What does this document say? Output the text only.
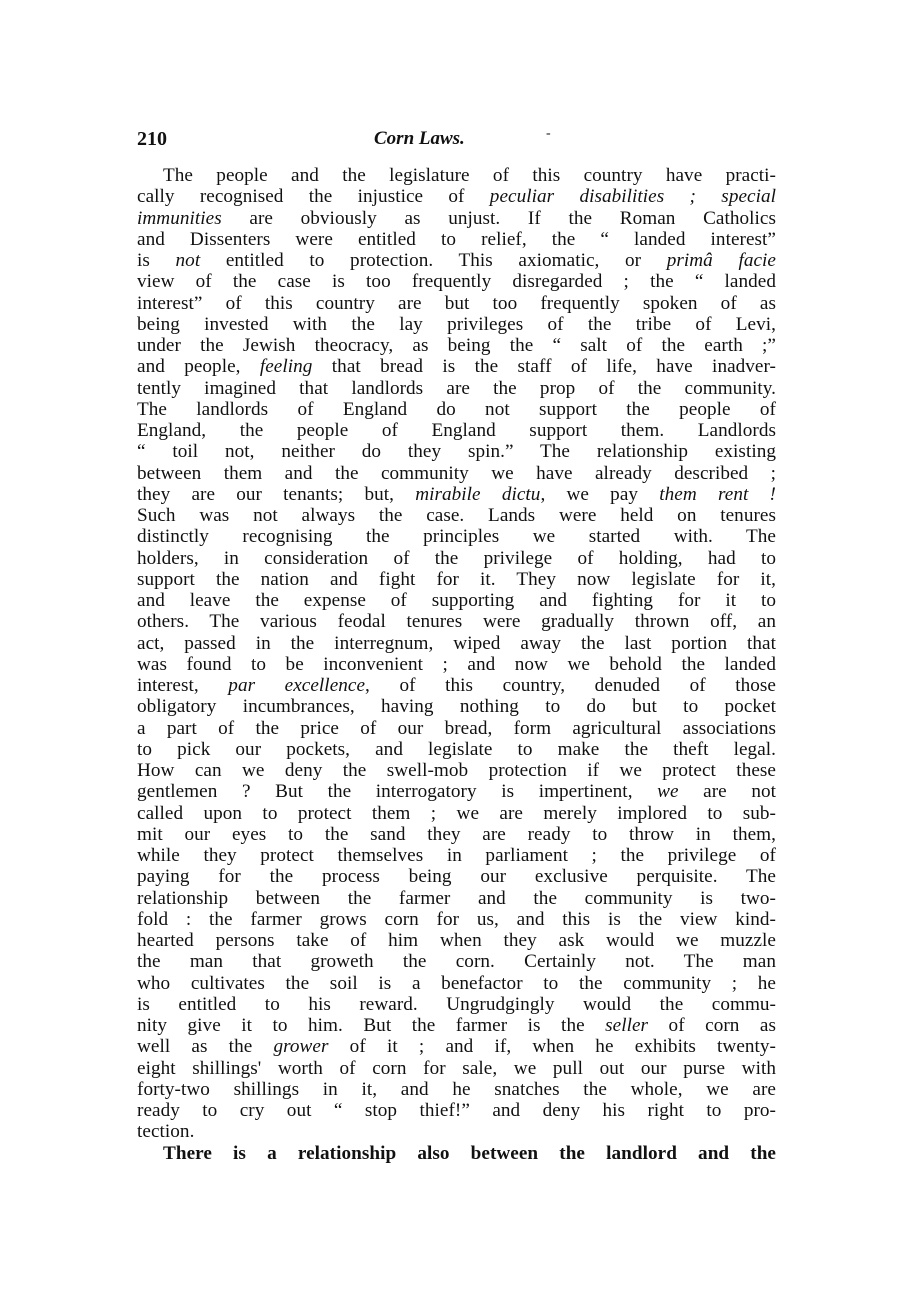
210	Corn Laws.	-
The people and the legislature of this country have practi-
cally recognised the injustice of peculiar disabilities ; special
immunities are obviously as unjust. If the Roman Catholics
and Dissenters were entitled to relief, the “ landed interest”
is not entitled to protection. This axiomatic, or primâ facie
view of the case is too frequently disregarded ; the “ landed
interest” of this country are but too frequently spoken of as
being invested with the lay privileges of the tribe of Levi,
under the Jewish theocracy, as being the “ salt of the earth ;”
and people, feeling that bread is the staff of life, have inadver-
tently imagined that landlords are the prop of the community.
The landlords of England do not support the people of
England, the people of England support them. Landlords
“ toil not, neither do they spin.” The relationship existing
between them and the community we have already described ;
they are our tenants; but, mirabile dictu, we pay them rent !
Such was not always the case. Lands were held on tenures
distinctly recognising the principles we started with. The
holders, in consideration of the privilege of holding, had to
support the nation and fight for it. They now legislate for it,
and leave the expense of supporting and fighting for it to
others. The various feodal tenures were gradually thrown off, an
act, passed in the interregnum, wiped away the last portion that
was found to be inconvenient ; and now we behold the landed
interest, par excellence, of this country, denuded of those
obligatory incumbrances, having nothing to do but to pocket
a part of the price of our bread, form agricultural associations
to pick our pockets, and legislate to make the theft legal.
How can we deny the swell-mob protection if we protect these
gentlemen ? But the interrogatory is impertinent, we are not
called upon to protect them ; we are merely implored to sub-
mit our eyes to the sand they are ready to throw in them,
while they protect themselves in parliament ; the privilege of
paying for the process being our exclusive perquisite. The
relationship between the farmer and the community is two-
fold : the farmer grows corn for us, and this is the view kind-
hearted persons take of him when they ask would we muzzle
the man that groweth the corn. Certainly not. The man
who cultivates the soil is a benefactor to the community ; he
is entitled to his reward. Ungrudgingly would the commu-
nity give it to him. But the farmer is the seller of corn as
well as the grower of it ; and if, when he exhibits twenty-
eight shillings' worth of corn for sale, we pull out our purse with
forty-two shillings in it, and he snatches the whole, we are
ready to cry out “ stop thief!” and deny his right to pro-
tection.
There is a relationship also between the landlord and the
